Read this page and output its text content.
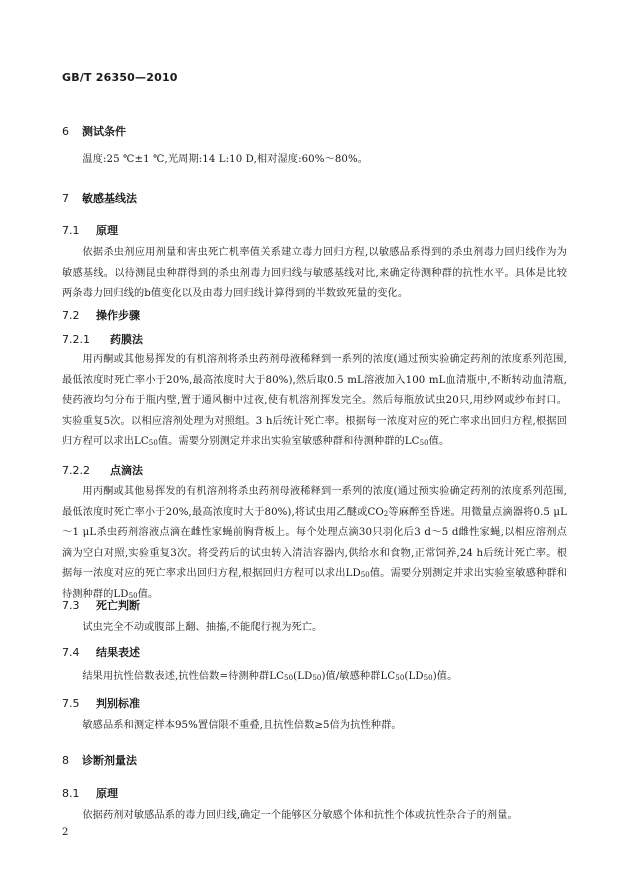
GB/T 26350—2010
6 测试条件
温度:25 ℃±1 ℃,光周期:14 L:10 D,相对湿度:60%～80%。
7 敏感基线法
7.1 原理
依据杀虫剂应用剂量和害虫死亡机率值关系建立毒力回归方程,以敏感品系得到的杀虫剂毒力回归线作为为敏感基线。以待测昆虫种群得到的杀虫剂毒力回归线与敏感基线对比,来确定待测种群的抗性水平。具体是比较两条毒力回归线的b值变化以及由毒力回归线计算得到的半数致死量的变化。
7.2 操作步骤
7.2.1 药膜法
用丙酮或其他易挥发的有机溶剂将杀虫药剂母液稀释到一系列的浓度(通过预实验确定药剂的浓度系列范围,最低浓度时死亡率小于20%,最高浓度时大于80%),然后取0.5 mL溶液加入100 mL血清瓶中,不断转动血清瓶,使药液均匀分布于瓶内壁,置于通风橱中过夜,使有机溶剂挥发完全。然后每瓶放试虫20只,用纱网或纱布封口。实验重复5次。以相应溶剂处理为对照组。3 h后统计死亡率。根据每一浓度对应的死亡率求出回归方程,根据回归方程可以求出$LC_{50}$值。需要分别测定并求出实验室敏感种群和待测种群的$LC_{50}$值。
7.2.2 点滴法
用丙酮或其他易挥发的有机溶剂将杀虫药剂母液稀释到一系列的浓度(通过预实验确定药剂的浓度系列范围,最低浓度时死亡率小于20%,最高浓度时大于80%),将试虫用乙醚或$CO_2$等麻醉至昏迷。用微量点滴器将0.5 μL～1 μL杀虫药剂溶液点滴在雌性家蝇前胸背板上。每个处理点滴30只羽化后3 d～5 d雌性家蝇,以相应溶剂点滴为空白对照,实验重复3次。将受药后的试虫转入清洁容器内,供给水和食物,正常饲养,24 h后统计死亡率。根据每一浓度对应的死亡率求出回归方程,根据回归方程可以求出$LD_{50}$值。需要分别测定并求出实验室敏感种群和待测种群的$LD_{50}$值。
7.3 死亡判断
试虫完全不动或腹部上翻、抽搐,不能爬行视为死亡。
7.4 结果表述
结果用抗性倍数表述,抗性倍数=待测种群$LC_{50}(LD_{50})$值/敏感种群$LC_{50}(LD_{50})$值。
7.5 判别标准
敏感品系和测定样本95%置信限不重叠,且抗性倍数≥5倍为抗性种群。
8 诊断剂量法
8.1 原理
依据药剂对敏感品系的毒力回归线,确定一个能够区分敏感个体和抗性个体或抗性杂合子的剂量。
2
